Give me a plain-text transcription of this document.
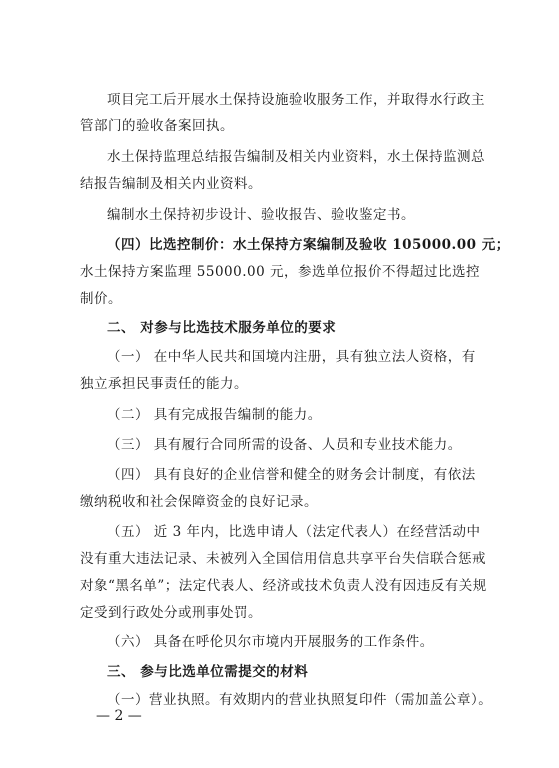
项目完工后开展水土保持设施验收服务工作，并取得水行政主
管部门的验收备案回执。
水土保持监理总结报告编制及相关内业资料，水土保持监测总
结报告编制及相关内业资料。
编制水土保持初步设计、验收报告、验收鉴定书。
（四）比选控制价：水土保持方案编制及验收 105000.00 元；
水土保持方案监理 55000.00 元，参选单位报价不得超过比选控
制价。
二、 对参与比选技术服务单位的要求
（一） 在中华人民共和国境内注册，具有独立法人资格，有
独立承担民事责任的能力。
（二） 具有完成报告编制的能力。
（三） 具有履行合同所需的设备、人员和专业技术能力。
（四） 具有良好的企业信誉和健全的财务会计制度，有依法
缴纳税收和社会保障资金的良好记录。
（五） 近 3 年内，比选申请人（法定代表人）在经营活动中
没有重大违法记录、未被列入全国信用信息共享平台失信联合惩戒
对象“黑名单”；法定代表人、经济或技术负责人没有因违反有关规
定受到行政处分或刑事处罚。
（六） 具备在呼伦贝尔市境内开展服务的工作条件。
三、 参与比选单位需提交的材料
（一）营业执照。有效期内的营业执照复印件（需加盖公章）。
— 2 —
